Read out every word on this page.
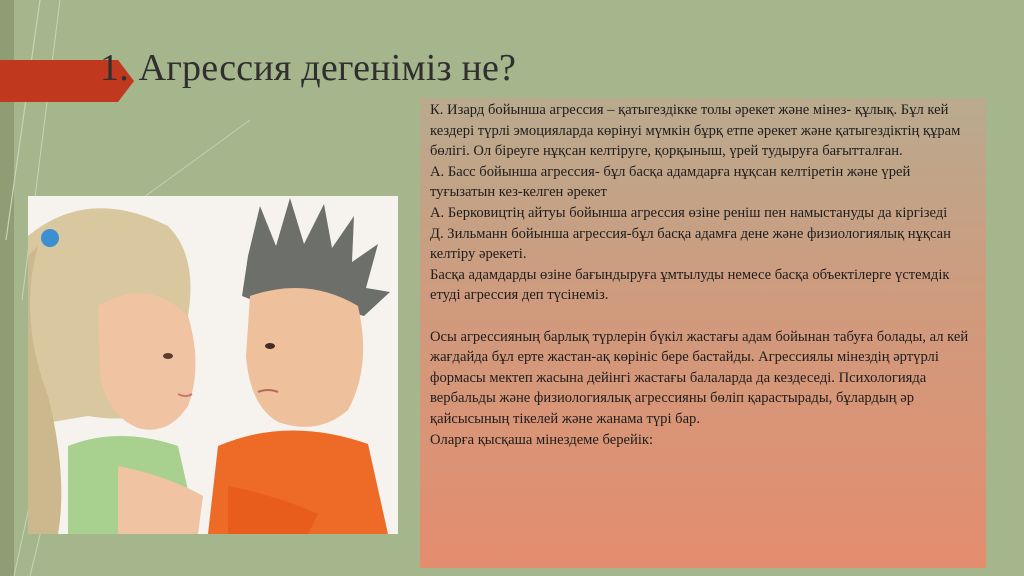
1. Агрессия дегеніміз не?

К. Изард бойынша агрессия – қатыгездікке толы әрекет және мінез- құлық. Бұл кей кездері түрлі эмоцияларда көрінуі мүмкін бұрқ етпе әрекет және қатыгездіктің құрам бөлігі. Ол біреуге нұқсан келтіруге, қорқыныш, үрей тудыруға бағытталған.

А. Басс бойынша агрессия- бұл басқа адамдарға нұқсан келтіретін және үрей туғызатын кез-келген әрекет

А. Берковицтің айтуы бойынша агрессия өзіне реніш пен намыстануды да кіргізеді

Д. Зильманн бойынша агрессия-бұл басқа адамға дене және физиологиялық нұқсан келтіру әрекеті.

Басқа адамдарды өзіне бағындыруға ұмтылуды немесе басқа объектілерге үстемдік етуді агрессия деп түсінеміз.

Осы агрессияның барлық түрлерін бүкіл жастағы адам бойынан табуға болады, ал кей жағдайда бұл ерте жастан-ақ көрініс бере бастайды. Агрессиялы мінездің әртүрлі формасы мектеп жасына дейінгі жастағы балаларда да кездеседі. Психологияда вербальды және физиологиялық агрессияны бөліп қарастырады, бұлардың әр қайсысының тікелей және жанама түрі бар.

Оларға қысқаша мінездеме берейік:
